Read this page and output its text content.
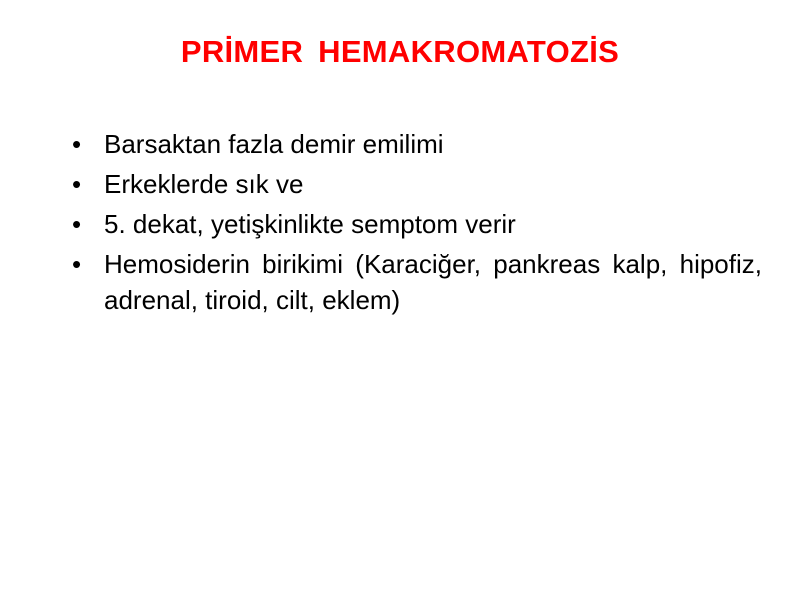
PRİMER HEMAKROMATOZİS
• Barsaktan fazla demir emilimi
• Erkeklerde sık ve
• 5. dekat, yetişkinlikte semptom verir
• Hemosiderin birikimi (Karaciğer, pankreas kalp, hipofiz, adrenal, tiroid, cilt, eklem)
